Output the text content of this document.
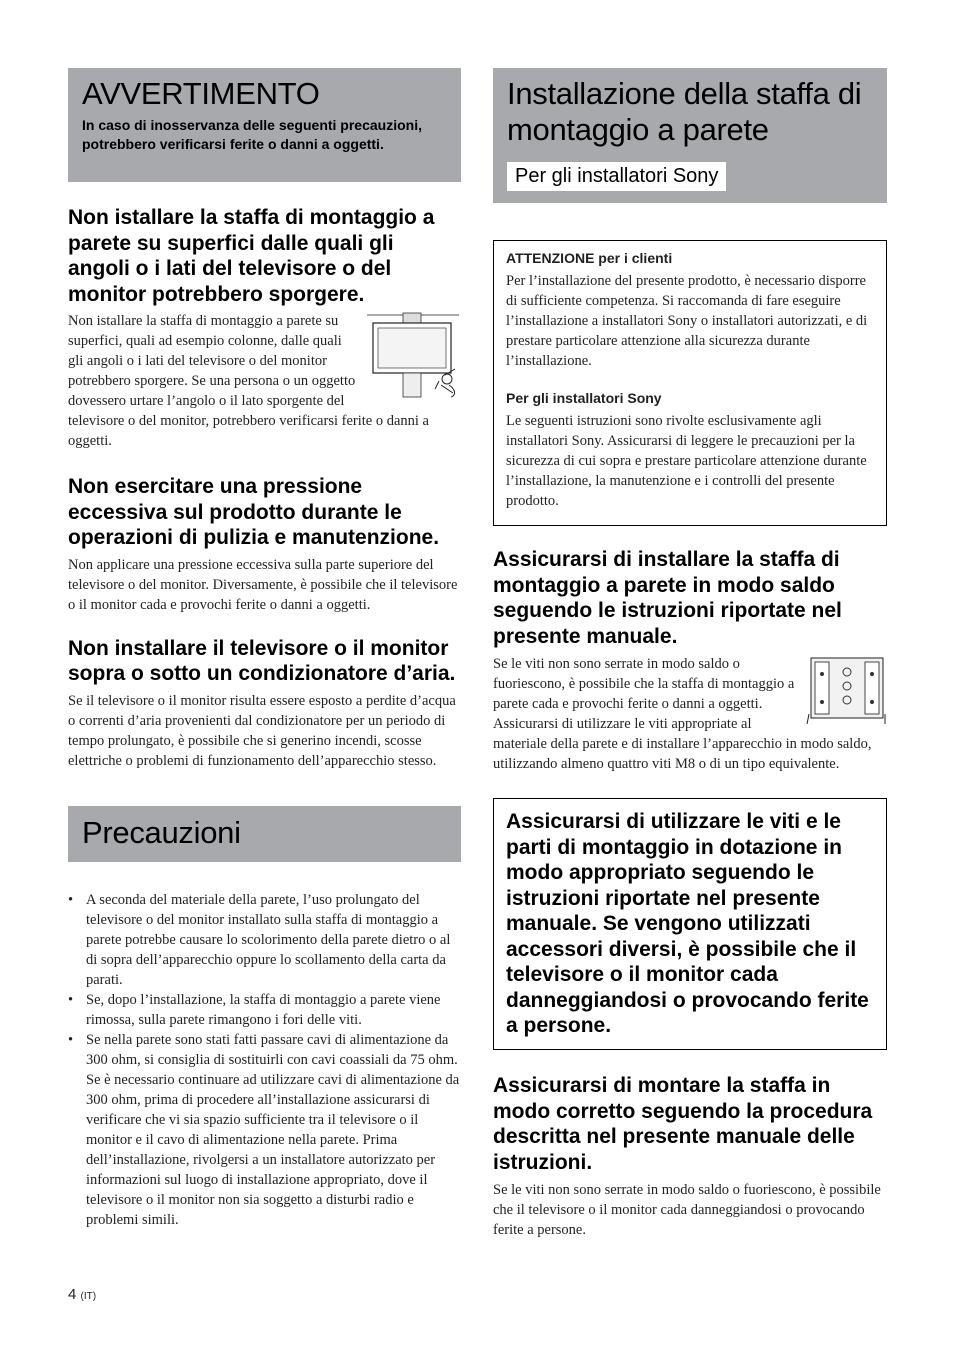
AVVERTIMENTO
In caso di inosservanza delle seguenti precauzioni, potrebbero verificarsi ferite o danni a oggetti.
Non istallare la staffa di montaggio a parete su superfici dalle quali gli angoli o i lati del televisore o del monitor potrebbero sporgere.

Non istallare la staffa di montaggio a parete su superfici, quali ad esempio colonne, dalle quali gli angoli o i lati del televisore o del monitor potrebbero sporgere. Se una persona o un oggetto dovessero urtare l’angolo o il lato sporgente del televisore o del monitor, potrebbero verificarsi ferite o danni a oggetti.

Non esercitare una pressione eccessiva sul prodotto durante le operazioni di pulizia e manutenzione.

Non applicare una pressione eccessiva sulla parte superiore del televisore o del monitor. Diversamente, è possibile che il televisore o il monitor cada e provochi ferite o danni a oggetti.

Non installare il televisore o il monitor sopra o sotto un condizionatore d’aria.

Se il televisore o il monitor risulta essere esposto a perdite d’acqua o correnti d’aria provenienti dal condizionatore per un periodo di tempo prolungato, è possibile che si generino incendi, scosse elettriche o problemi di funzionamento dell’apparecchio stesso.

Precauzioni
• A seconda del materiale della parete, l’uso prolungato del televisore o del monitor installato sulla staffa di montaggio a parete potrebbe causare lo scolorimento della parete dietro o al di sopra dell’apparecchio oppure lo scollamento della carta da parati.
• Se, dopo l’installazione, la staffa di montaggio a parete viene rimossa, sulla parete rimangono i fori delle viti.
• Se nella parete sono stati fatti passare cavi di alimentazione da 300 ohm, si consiglia di sostituirli con cavi coassiali da 75 ohm. Se è necessario continuare ad utilizzare cavi di alimentazione da 300 ohm, prima di procedere all’installazione assicurarsi di verificare che vi sia spazio sufficiente tra il televisore o il monitor e il cavo di alimentazione nella parete. Prima dell’installazione, rivolgersi a un installatore autorizzato per informazioni sul luogo di installazione appropriato, dove il televisore o il monitor non sia soggetto a disturbi radio e problemi simili.
Installazione della staffa di montaggio a parete
Per gli installatori Sony
ATTENZIONE per i clienti

Per l’installazione del presente prodotto, è necessario disporre di sufficiente competenza. Si raccomanda di fare eseguire l’installazione a installatori Sony o installatori autorizzati, e di prestare particolare attenzione alla sicurezza durante l’installazione.

Per gli installatori Sony

Le seguenti istruzioni sono rivolte esclusivamente agli installatori Sony. Assicurarsi di leggere le precauzioni per la sicurezza di cui sopra e prestare particolare attenzione durante l’installazione, la manutenzione e i controlli del presente prodotto.

Assicurarsi di installare la staffa di montaggio a parete in modo saldo seguendo le istruzioni riportate nel presente manuale.

Se le viti non sono serrate in modo saldo o fuoriescono, è possibile che la staffa di montaggio a parete cada e provochi ferite o danni a oggetti. Assicurarsi di utilizzare le viti appropriate al materiale della parete e di installare l’apparecchio in modo saldo, utilizzando almeno quattro viti M8 o di un tipo equivalente.

Assicurarsi di utilizzare le viti e le parti di montaggio in dotazione in modo appropriato seguendo le istruzioni riportate nel presente manuale. Se vengono utilizzati accessori diversi, è possibile che il televisore o il monitor cada danneggiandosi o provocando ferite a persone.
Assicurarsi di montare la staffa in modo corretto seguendo la procedura descritta nel presente manuale delle istruzioni.

Se le viti non sono serrate in modo saldo o fuoriescono, è possibile che il televisore o il monitor cada danneggiandosi o provocando ferite a persone.

4 (IT)
